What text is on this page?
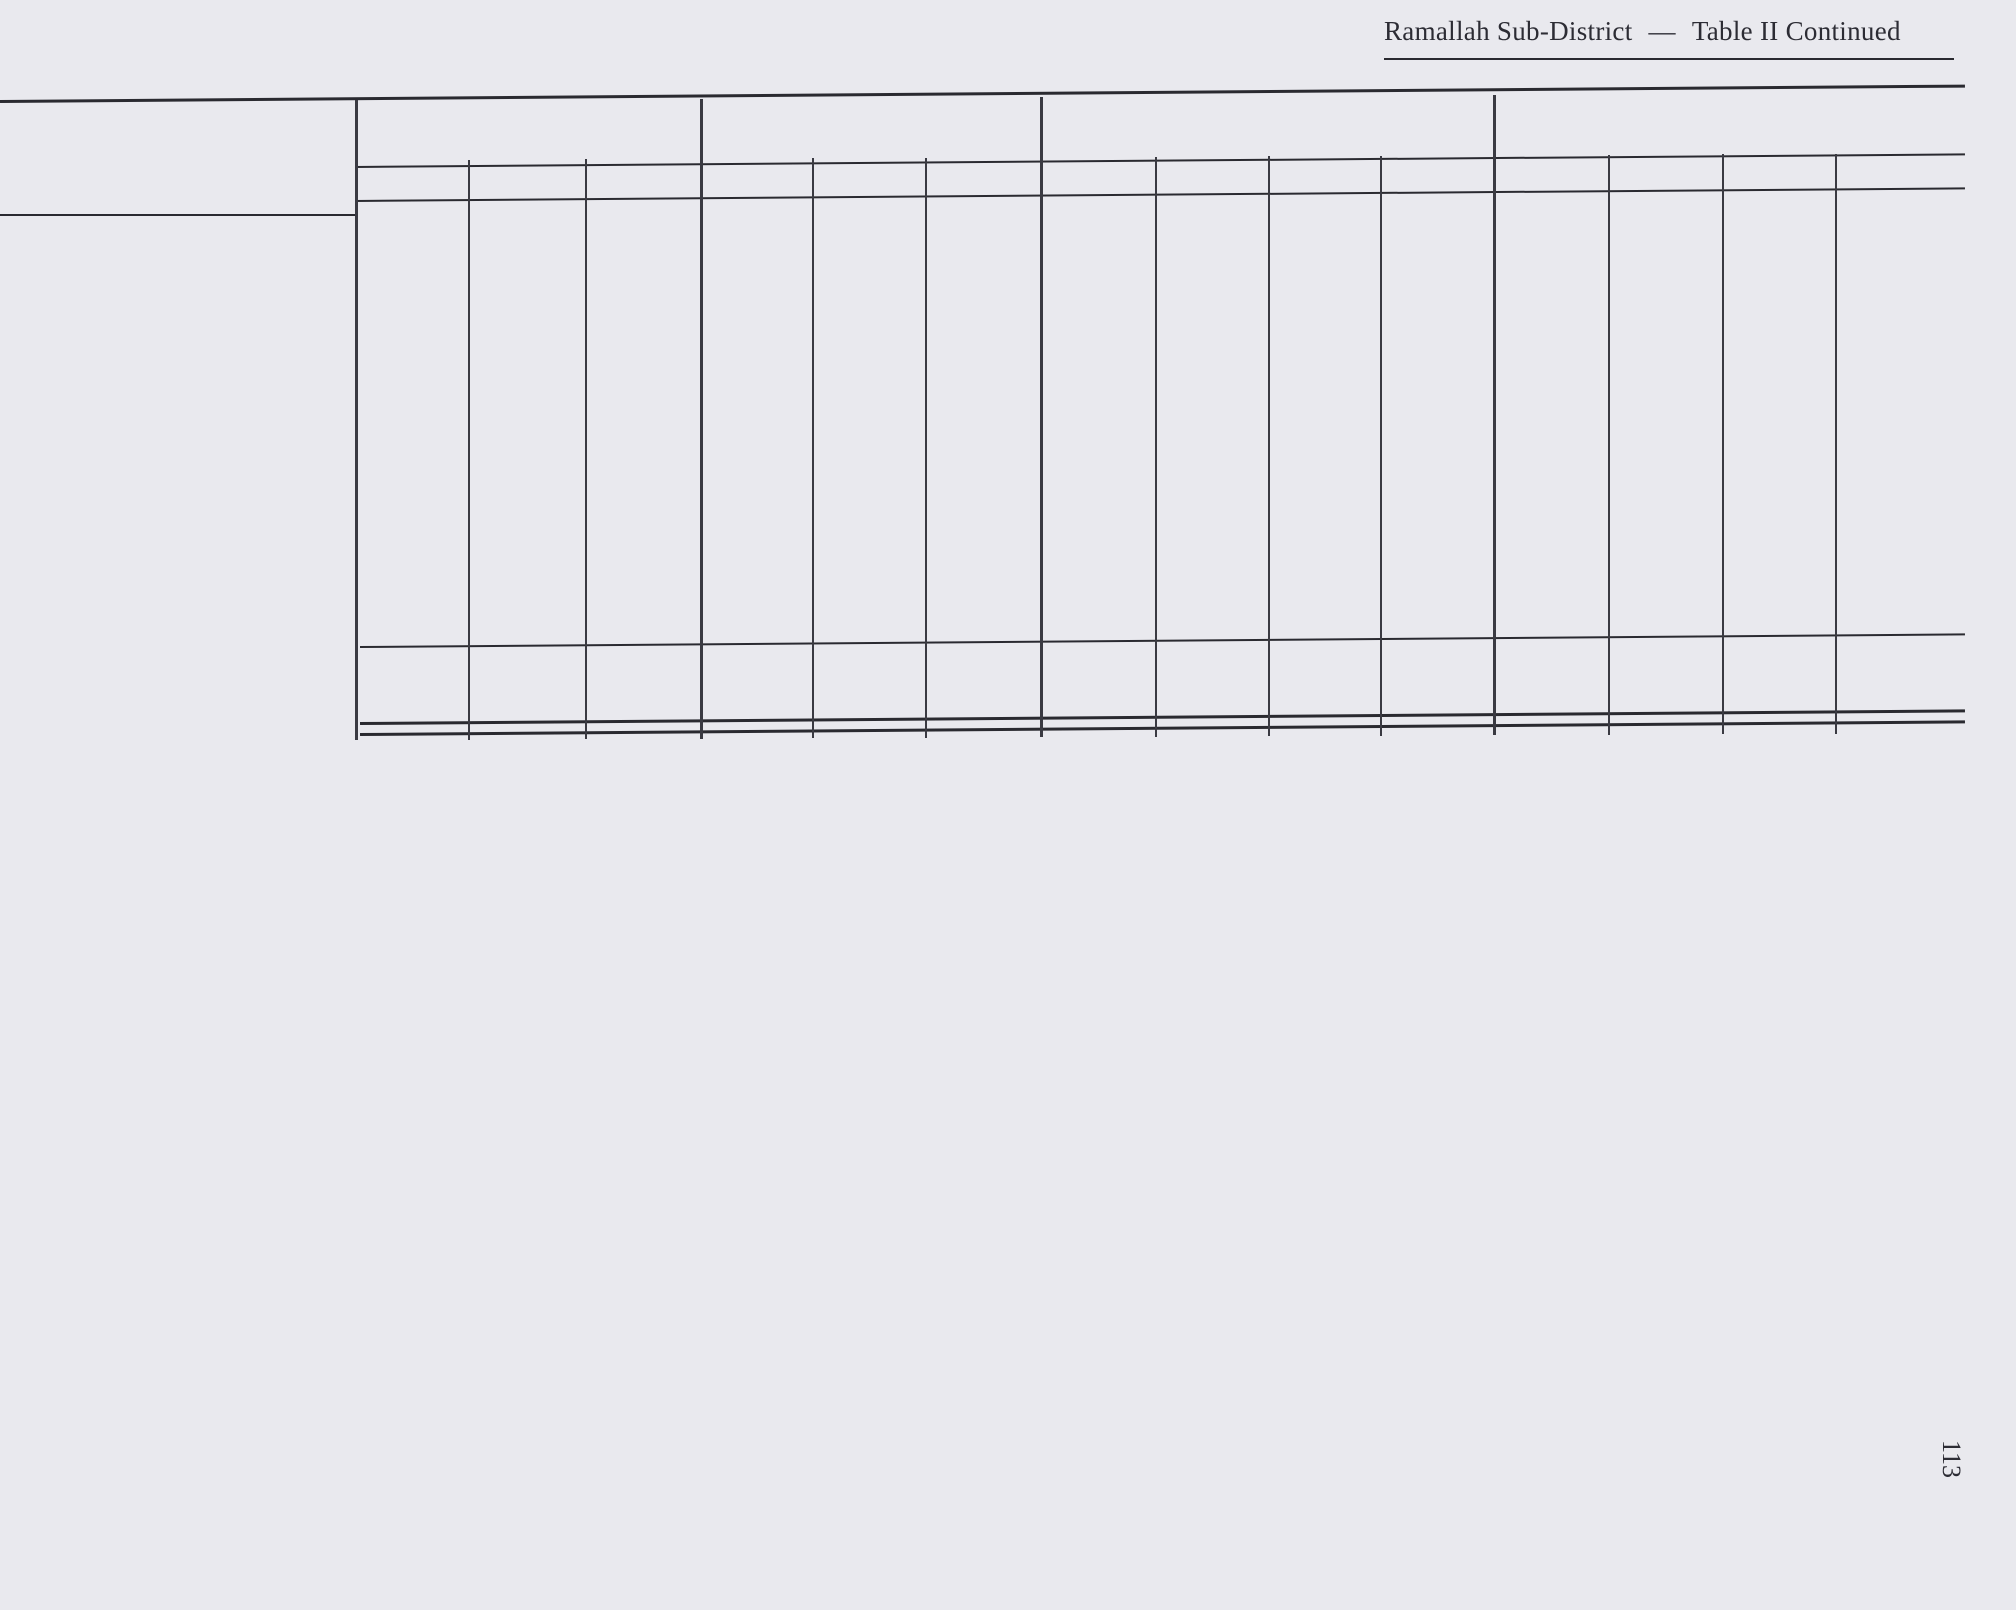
Ramallah Sub-District — Table II Continued
113
